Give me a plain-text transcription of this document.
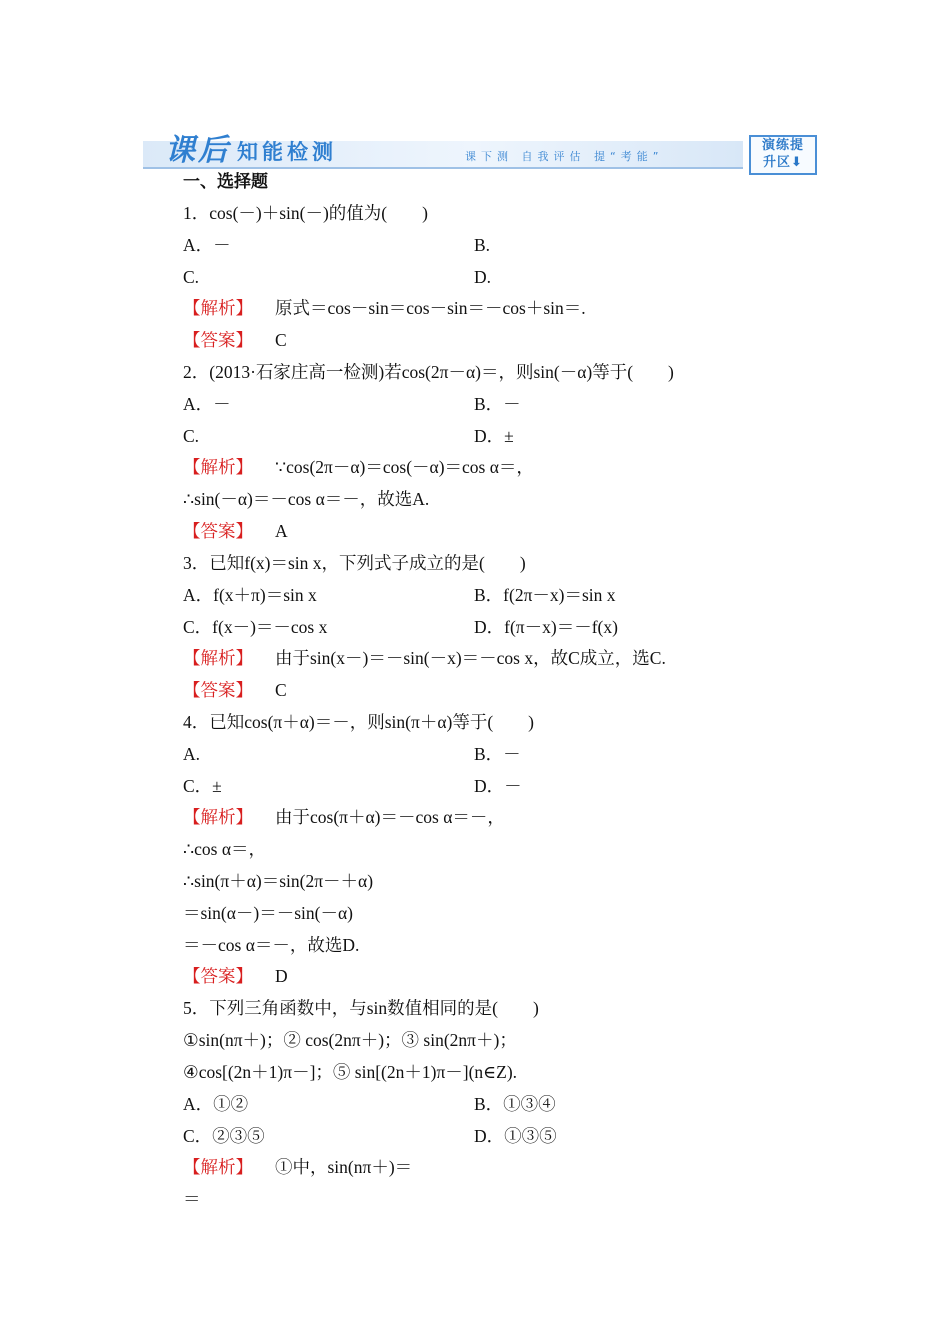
课后 知能检测	课下测 自我评估 提“考能”
演练提
升区⬇
一、选择题
1．cos(－)＋sin(－)的值为(　　)
A．－	B.
C.	D.
【解析】 原式＝cos－sin＝cos－sin＝－cos＋sin＝.
【答案】 C
2．(2013·石家庄高一检测)若cos(2π－α)＝，则sin(－α)等于(　　)
A．－	B．－
C.	D．±
【解析】 ∵cos(2π－α)＝cos(－α)＝cos α＝，
∴sin(－α)＝－cos α＝－，故选A.
【答案】 A
3．已知f(x)＝sin x，下列式子成立的是(　　)
A．f(x＋π)＝sin x	B．f(2π－x)＝sin x
C．f(x－)＝－cos x	D．f(π－x)＝－f(x)
【解析】 由于sin(x－)＝－sin(－x)＝－cos x，故C成立，选C.
【答案】 C
4．已知cos(π＋α)＝－，则sin(π＋α)等于(　　)
A.	B．－
C．±	D．－
【解析】 由于cos(π＋α)＝－cos α＝－，
∴cos α＝，
∴sin(π＋α)＝sin(2π－＋α)
＝sin(α－)＝－sin(－α)
＝－cos α＝－，故选D.
【答案】 D
5．下列三角函数中，与sin数值相同的是(　　)
①sin(nπ＋)；② cos(2nπ＋)；③ sin(2nπ＋)；
④cos[(2n＋1)π－]；⑤ sin[(2n＋1)π－](n∈Z).
A．①②	B．①③④
C．②③⑤	D．①③⑤
【解析】 ①中，sin(nπ＋)＝
＝
